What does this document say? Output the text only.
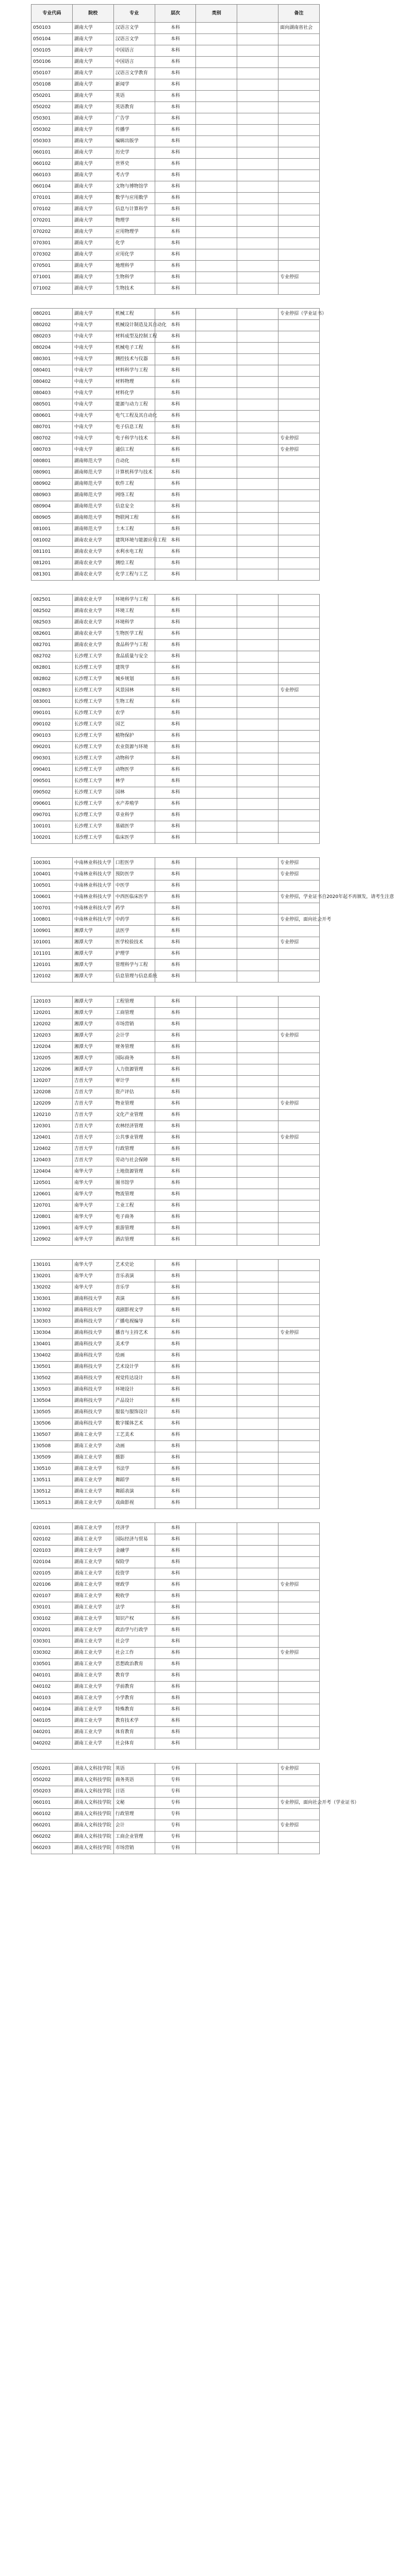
专业代码	院校	专业	层次	类别		备注
050103	湖南大学	汉语言文学	本科			面向湖南省社会
050104	湖南大学	汉语言文学	本科			
050105	湖南大学	中国语言	本科			
050106	湖南大学	中国语言	本科			
050107	湖南大学	汉语言文学教育	本科			
050108	湖南大学	新闻学	本科			
050201	湖南大学	英语	本科			
050202	湖南大学	英语教育	本科			
050301	湖南大学	广告学	本科			
050302	湖南大学	传播学	本科			
050303	湖南大学	编辑出版学	本科			
060101	湖南大学	历史学	本科			
060102	湖南大学	世界史	本科			
060103	湖南大学	考古学	本科			
060104	湖南大学	文物与博物馆学	本科			
070101	湖南大学	数学与应用数学	本科			
070102	湖南大学	信息与计算科学	本科			
070201	湖南大学	物理学	本科			
070202	湖南大学	应用物理学	本科			
070301	湖南大学	化学	本科			
070302	湖南大学	应用化学	本科			
070501	湖南大学	地理科学	本科			
071001	湖南大学	生物科学	本科			专业停招
071002	湖南大学	生物技术	本科			

080201	湖南大学	机械工程	本科			专业停招（学业证书）
080202	中南大学	机械设计制造及其自动化	本科			
080203	中南大学	材料成型及控制工程	本科			
080204	中南大学	机械电子工程	本科			
080301	中南大学	测控技术与仪器	本科			
080401	中南大学	材料科学与工程	本科			
080402	中南大学	材料物理	本科			
080403	中南大学	材料化学	本科			
080501	中南大学	能源与动力工程	本科			
080601	中南大学	电气工程及其自动化	本科			
080701	中南大学	电子信息工程	本科			
080702	中南大学	电子科学与技术	本科			专业停招
080703	中南大学	通信工程	本科			专业停招
080801	湖南师范大学	自动化	本科			
080901	湖南师范大学	计算机科学与技术	本科			
080902	湖南师范大学	软件工程	本科			
080903	湖南师范大学	网络工程	本科			
080904	湖南师范大学	信息安全	本科			
080905	湖南师范大学	物联网工程	本科			
081001	湖南师范大学	土木工程	本科			
081002	湖南农业大学	建筑环境与能源应用工程	本科			
081101	湖南农业大学	水利水电工程	本科			
081201	湖南农业大学	测绘工程	本科			
081301	湖南农业大学	化学工程与工艺	本科			

082501	湖南农业大学	环境科学与工程	本科			
082502	湖南农业大学	环境工程	本科			
082503	湖南农业大学	环境科学	本科			
082601	湖南农业大学	生物医学工程	本科			
082701	湖南农业大学	食品科学与工程	本科			
082702	长沙理工大学	食品质量与安全	本科			
082801	长沙理工大学	建筑学	本科			
082802	长沙理工大学	城乡规划	本科			
082803	长沙理工大学	风景园林	本科			专业停招
083001	长沙理工大学	生物工程	本科			
090101	长沙理工大学	农学	本科			
090102	长沙理工大学	园艺	本科			
090103	长沙理工大学	植物保护	本科			
090201	长沙理工大学	农业资源与环境	本科			
090301	长沙理工大学	动物科学	本科			
090401	长沙理工大学	动物医学	本科			
090501	长沙理工大学	林学	本科			
090502	长沙理工大学	园林	本科			
090601	长沙理工大学	水产养殖学	本科			
090701	长沙理工大学	草业科学	本科			
100101	长沙理工大学	基础医学	本科			
100201	长沙理工大学	临床医学	本科			

100301	中南林业科技大学	口腔医学	本科			专业停招
100401	中南林业科技大学	预防医学	本科			专业停招
100501	中南林业科技大学	中医学	本科			
100601	中南林业科技大学	中西医临床医学	本科			专业停招，学业证书自2020年起不再颁发，请考生注意
100701	中南林业科技大学	药学	本科			
100801	中南林业科技大学	中药学	本科			专业停招，面向社会开考
100901	湘潭大学	法医学	本科			
101001	湘潭大学	医学检验技术	本科			专业停招
101101	湘潭大学	护理学	本科			
120101	湘潭大学	管理科学与工程	本科			
120102	湘潭大学	信息管理与信息系统	本科			

120103	湘潭大学	工程管理	本科			
120201	湘潭大学	工商管理	本科			
120202	湘潭大学	市场营销	本科			
120203	湘潭大学	会计学	本科			专业停招
120204	湘潭大学	财务管理	本科			
120205	湘潭大学	国际商务	本科			
120206	湘潭大学	人力资源管理	本科			
120207	吉首大学	审计学	本科			
120208	吉首大学	资产评估	本科			
120209	吉首大学	物业管理	本科			专业停招
120210	吉首大学	文化产业管理	本科			
120301	吉首大学	农林经济管理	本科			
120401	吉首大学	公共事业管理	本科			专业停招
120402	吉首大学	行政管理	本科			
120403	吉首大学	劳动与社会保障	本科			
120404	南华大学	土地资源管理	本科			
120501	南华大学	图书馆学	本科			
120601	南华大学	物流管理	本科			
120701	南华大学	工业工程	本科			
120801	南华大学	电子商务	本科			
120901	南华大学	旅游管理	本科			
120902	南华大学	酒店管理	本科			

130101	南华大学	艺术史论	本科			
130201	南华大学	音乐表演	本科			
130202	南华大学	音乐学	本科			
130301	湖南科技大学	表演	本科			
130302	湖南科技大学	戏剧影视文学	本科			
130303	湖南科技大学	广播电视编导	本科			
130304	湖南科技大学	播音与主持艺术	本科			专业停招
130401	湖南科技大学	美术学	本科			
130402	湖南科技大学	绘画	本科			
130501	湖南科技大学	艺术设计学	本科			
130502	湖南科技大学	视觉传达设计	本科			
130503	湖南科技大学	环境设计	本科			
130504	湖南科技大学	产品设计	本科			
130505	湖南科技大学	服装与服饰设计	本科			
130506	湖南科技大学	数字媒体艺术	本科			
130507	湖南工业大学	工艺美术	本科			
130508	湖南工业大学	动画	本科			
130509	湖南工业大学	摄影	本科			
130510	湖南工业大学	书法学	本科			
130511	湖南工业大学	舞蹈学	本科			
130512	湖南工业大学	舞蹈表演	本科			
130513	湖南工业大学	戏曲影视	本科			

020101	湖南工业大学	经济学	本科			
020102	湖南工业大学	国际经济与贸易	本科			
020103	湖南工业大学	金融学	本科			
020104	湖南工业大学	保险学	本科			
020105	湖南工业大学	投资学	本科			
020106	湖南工业大学	财政学	本科			专业停招
020107	湖南工业大学	税收学	本科			
030101	湖南工业大学	法学	本科			
030102	湖南工业大学	知识产权	本科			
030201	湖南工业大学	政治学与行政学	本科			
030301	湖南工业大学	社会学	本科			
030302	湖南工业大学	社会工作	本科			专业停招
030501	湖南工业大学	思想政治教育	本科			
040101	湖南工业大学	教育学	本科			
040102	湖南工业大学	学前教育	本科			
040103	湖南工业大学	小学教育	本科			
040104	湖南工业大学	特殊教育	本科			
040105	湖南工业大学	教育技术学	本科			
040201	湖南工业大学	体育教育	本科			
040202	湖南工业大学	社会体育	本科			

050201	湖南人文科技学院	英语	专科			专业停招
050202	湖南人文科技学院	商务英语	专科			
050203	湖南人文科技学院	日语	专科			
060101	湖南人文科技学院	文秘	专科			专业停招，面向社会开考（学业证书）
060102	湖南人文科技学院	行政管理	专科			
060201	湖南人文科技学院	会计	专科			专业停招
060202	湖南人文科技学院	工商企业管理	专科			
060203	湖南人文科技学院	市场营销	专科			
